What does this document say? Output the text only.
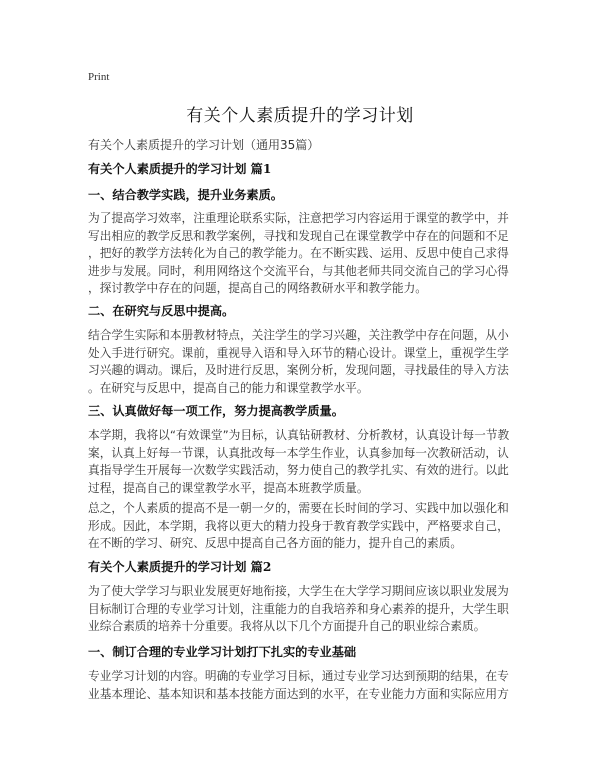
Print
有关个人素质提升的学习计划
有关个人素质提升的学习计划（通用35篇）
有关个人素质提升的学习计划 篇1
一、结合教学实践，提升业务素质。
为了提高学习效率，注重理论联系实际，注意把学习内容运用于课堂的教学中，并
写出相应的教学反思和教学案例，寻找和发现自己在课堂教学中存在的问题和不足
，把好的教学方法转化为自己的教学能力。在不断实践、运用、反思中使自己求得
进步与发展。同时，利用网络这个交流平台，与其他老师共同交流自己的学习心得
，探讨教学中存在的问题，提高自己的网络教研水平和教学能力。
二、在研究与反思中提高。
结合学生实际和本册教材特点，关注学生的学习兴趣，关注教学中存在问题，从小
处入手进行研究。课前，重视导入语和导入环节的精心设计。课堂上，重视学生学
习兴趣的调动。课后，及时进行反思，案例分析，发现问题，寻找最佳的导入方法
。在研究与反思中，提高自己的能力和课堂教学水平。
三、认真做好每一项工作，努力提高教学质量。
本学期，我将以“有效课堂”为目标，认真钻研教材、分析教材，认真设计每一节教
案，认真上好每一节课，认真批改每一本学生作业，认真参加每一次教研活动，认
真指导学生开展每一次数学实践活动，努力使自己的教学扎实、有效的进行。以此
过程，提高自己的课堂教学水平，提高本班教学质量。
总之，个人素质的提高不是一朝一夕的，需要在长时间的学习、实践中加以强化和
形成。因此，本学期，我将以更大的精力投身于教育教学实践中，严格要求自己，
在不断的学习、研究、反思中提高自己各方面的能力，提升自己的素质。
有关个人素质提升的学习计划 篇2
为了使大学学习与职业发展更好地衔接，大学生在大学学习期间应该以职业发展为
目标制订合理的专业学习计划，注重能力的自我培养和身心素养的提升，大学生职
业综合素质的培养十分重要。我将从以下几个方面提升自己的职业综合素质。
一、制订合理的专业学习计划打下扎实的专业基础
专业学习计划的内容。明确的专业学习目标，通过专业学习达到预期的结果，在专
业基本理论、基本知识和基本技能方面达到的水平，在专业能力方面和实际应用方
